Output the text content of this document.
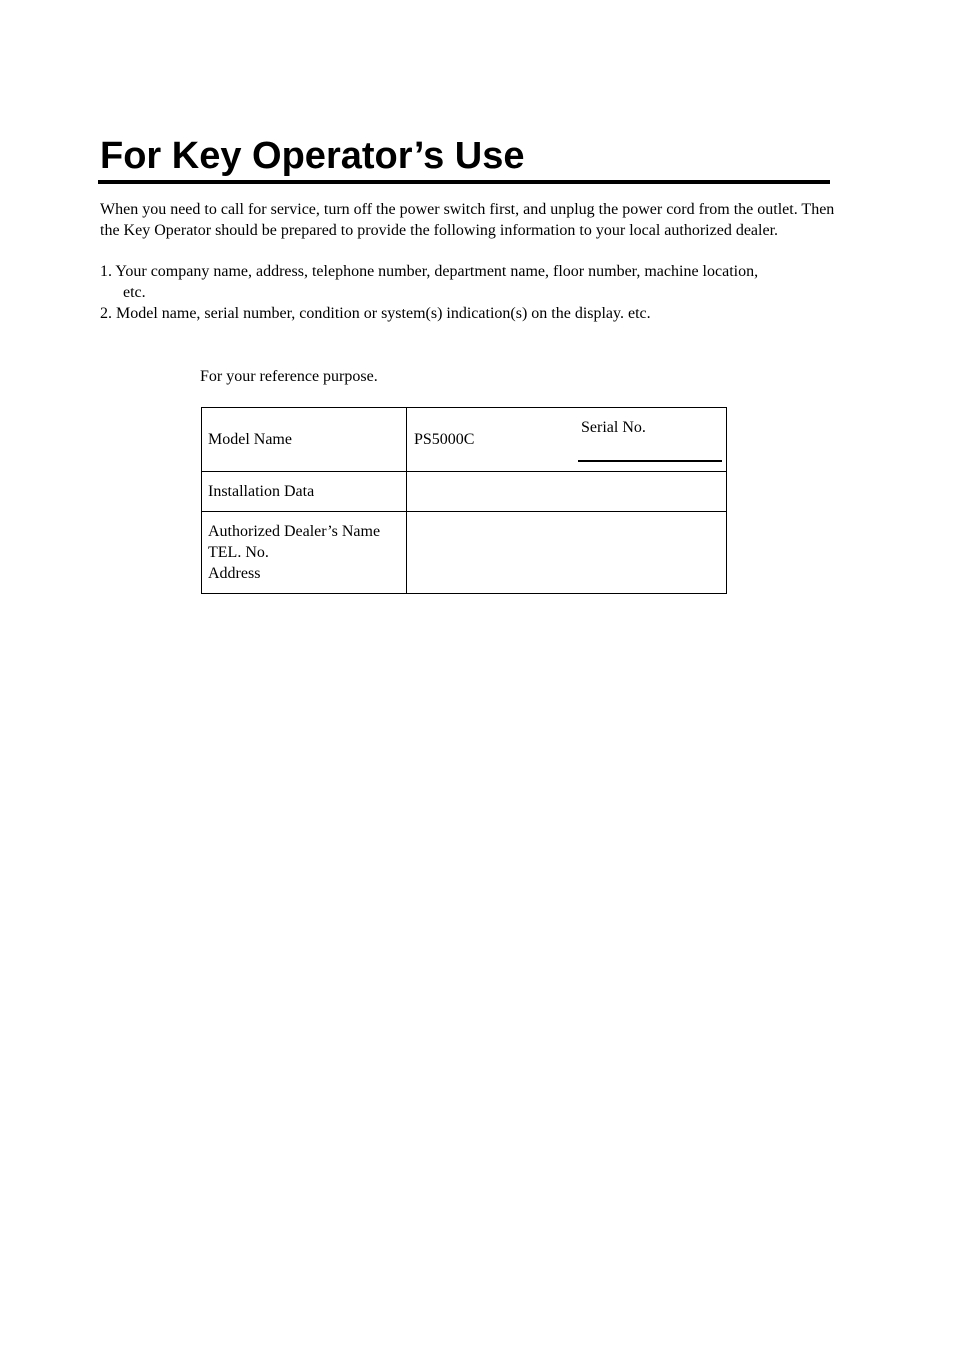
For Key Operator’s Use

When you need to call for service, turn off the power switch first, and unplug the power cord from the outlet. Then the Key Operator should be prepared to provide the following information to your local authorized dealer.

1. Your company name, address, telephone number, department name, floor number, machine location,

etc.

2. Model name, serial number, condition or system(s) indication(s) on the display. etc.

For your reference purpose.

Model Name	PS5000C
Serial No.

Installation Data	

Authorized Dealer’s Name
TEL. No.
Address	
